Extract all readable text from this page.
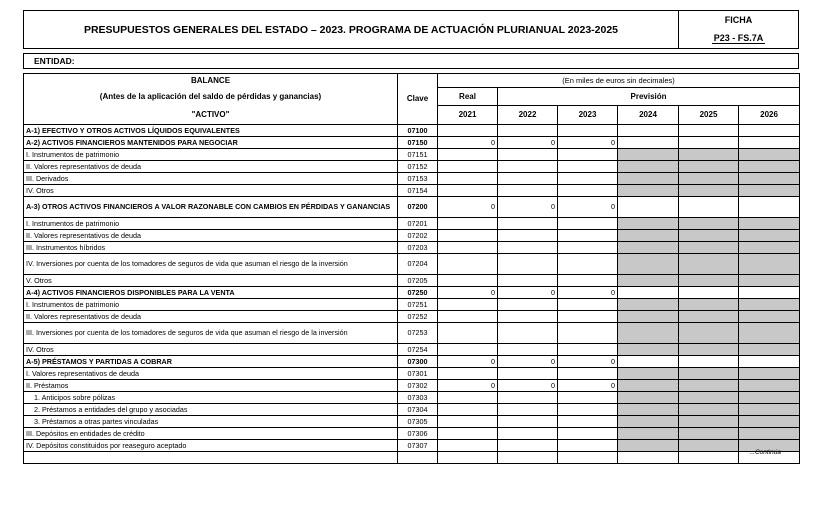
PRESUPUESTOS GENERALES DEL ESTADO – 2023. PROGRAMA DE ACTUACIÓN PLURIANUAL 2023-2025
FICHA
P23 - FS.7A
ENTIDAD:
BALANCE	Clave	(En miles de euros sin decimales)					
(Antes de la aplicación del saldo de pérdidas y ganancias)		Real	Previsión				
"ACTIVO"		2021	2022	2023	2024	2025	2026
A-1) EFECTIVO Y OTROS ACTIVOS LÍQUIDOS EQUIVALENTES	07100						
A-2) ACTIVOS FINANCIEROS MANTENIDOS PARA NEGOCIAR	07150	0	0	0			
I. Instrumentos de patrimonio	07151						
II. Valores representativos de deuda	07152						
III. Derivados	07153						
IV. Otros	07154						
A-3) OTROS ACTIVOS FINANCIEROS A VALOR RAZONABLE CON CAMBIOS EN PÉRDIDAS Y GANANCIAS	07200	0	0	0			
I. Instrumentos de patrimonio	07201						
II. Valores representativos de deuda	07202						
III. Instrumentos híbridos	07203						
IV. Inversiones por cuenta de los tomadores de seguros de vida que asuman el riesgo de la inversión	07204						
V. Otros	07205						
A-4) ACTIVOS FINANCIEROS DISPONIBLES PARA LA VENTA	07250	0	0	0			
I. Instrumentos de patrimonio	07251						
II. Valores representativos de deuda	07252						
III. Inversiones por cuenta de los tomadores de seguros de vida que asuman el riesgo de la inversión	07253						
IV. Otros	07254						
A-5) PRÉSTAMOS Y PARTIDAS A COBRAR	07300	0	0	0			
I. Valores representativos de deuda	07301						
II. Préstamos	07302	0	0	0			
1. Anticipos sobre pólizas	07303						
2. Préstamos a entidades del grupo y asociadas	07304						
3. Préstamos a otras partes vinculadas	07305						
III. Depósitos en entidades de crédito	07306						
IV. Depósitos constituidos por reaseguro aceptado	07307						

...Continúa
